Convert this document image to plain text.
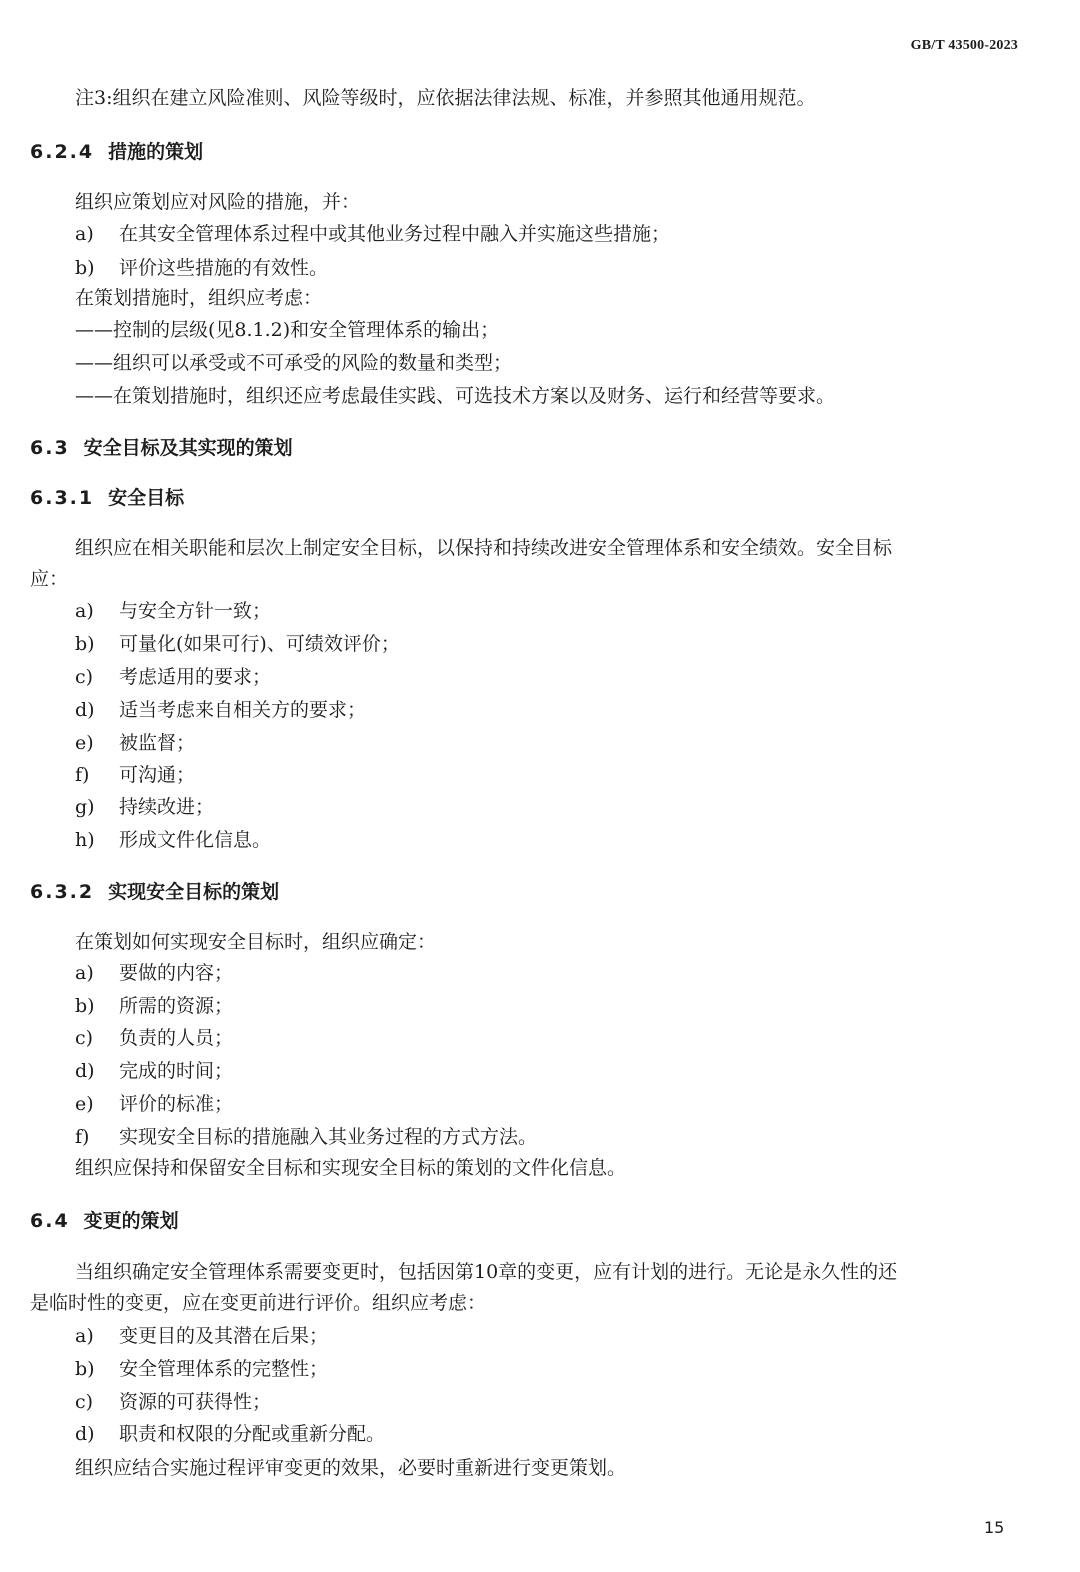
GB/T 43500-2023
注3:组织在建立风险准则、风险等级时，应依据法律法规、标准，并参照其他通用规范。
6.2.4 措施的策划
组织应策划应对风险的措施，并：
a) 在其安全管理体系过程中或其他业务过程中融入并实施这些措施；
b) 评价这些措施的有效性。
在策划措施时，组织应考虑：
——控制的层级(见8.1.2)和安全管理体系的输出；
——组织可以承受或不可承受的风险的数量和类型；
——在策划措施时，组织还应考虑最佳实践、可选技术方案以及财务、运行和经营等要求。
6.3 安全目标及其实现的策划
6.3.1 安全目标
组织应在相关职能和层次上制定安全目标，以保持和持续改进安全管理体系和安全绩效。安全目标
应：
a) 与安全方针一致；
b) 可量化(如果可行)、可绩效评价；
c) 考虑适用的要求；
d) 适当考虑来自相关方的要求；
e) 被监督；
f) 可沟通；
g) 持续改进；
h) 形成文件化信息。
6.3.2 实现安全目标的策划
在策划如何实现安全目标时，组织应确定：
a) 要做的内容；
b) 所需的资源；
c) 负责的人员；
d) 完成的时间；
e) 评价的标准；
f) 实现安全目标的措施融入其业务过程的方式方法。
组织应保持和保留安全目标和实现安全目标的策划的文件化信息。
6.4 变更的策划
当组织确定安全管理体系需要变更时，包括因第10章的变更，应有计划的进行。无论是永久性的还
是临时性的变更，应在变更前进行评价。组织应考虑：
a) 变更目的及其潜在后果；
b) 安全管理体系的完整性；
c) 资源的可获得性；
d) 职责和权限的分配或重新分配。
组织应结合实施过程评审变更的效果，必要时重新进行变更策划。
15
